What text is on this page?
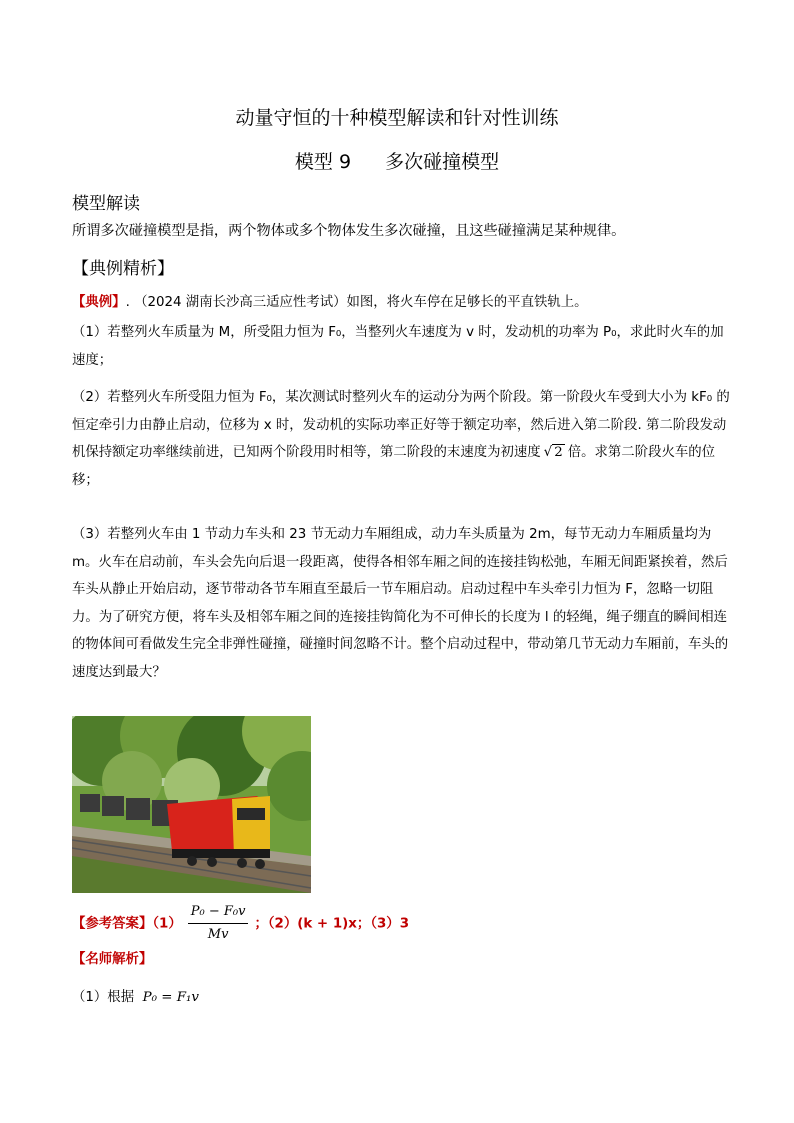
动量守恒的十种模型解读和针对性训练
模型 9 多次碰撞模型
模型解读
所谓多次碰撞模型是指，两个物体或多个物体发生多次碰撞，且这些碰撞满足某种规律。
【典例精析】
【典例】. （2024 湖南长沙高三适应性考试）如图，将火车停在足够长的平直铁轨上。
（1）若整列火车质量为 M，所受阻力恒为 F₀，当整列火车速度为 v 时，发动机的功率为 P₀，求此时火车的加速度；
（2）若整列火车所受阻力恒为 F₀，某次测试时整列火车的运动分为两个阶段。第一阶段火车受到大小为 kF₀ 的恒定牵引力由静止启动，位移为 x 时，发动机的实际功率正好等于额定功率，然后进入第二阶段. 第二阶段发动机保持额定功率继续前进，已知两个阶段用时相等，第二阶段的末速度为初速度 √ 2 倍。求第二阶段火车的位移；
（3）若整列火车由 1 节动力车头和 23 节无动力车厢组成，动力车头质量为 2m，每节无动力车厢质量均为 m。火车在启动前，车头会先向后退一段距离，使得各相邻车厢之间的连接挂钩松弛，车厢无间距紧挨着，然后车头从静止开始启动，逐节带动各节车厢直至最后一节车厢启动。启动过程中车头牵引力恒为 F，忽略一切阻力。为了研究方便，将车头及相邻车厢之间的连接挂钩简化为不可伸长的长度为 l 的轻绳，绳子绷直的瞬间相连的物体间可看做发生完全非弹性碰撞，碰撞时间忽略不计。整个启动过程中，带动第几节无动力车厢前，车头的速度达到最大？
【参考答案】$(1) \frac{\text{P₀ − F₀v}}{Mv}$ ；（2）(k + 1)x；（3）3
【名师解析】
（1）根据 P₀ = F₁v
